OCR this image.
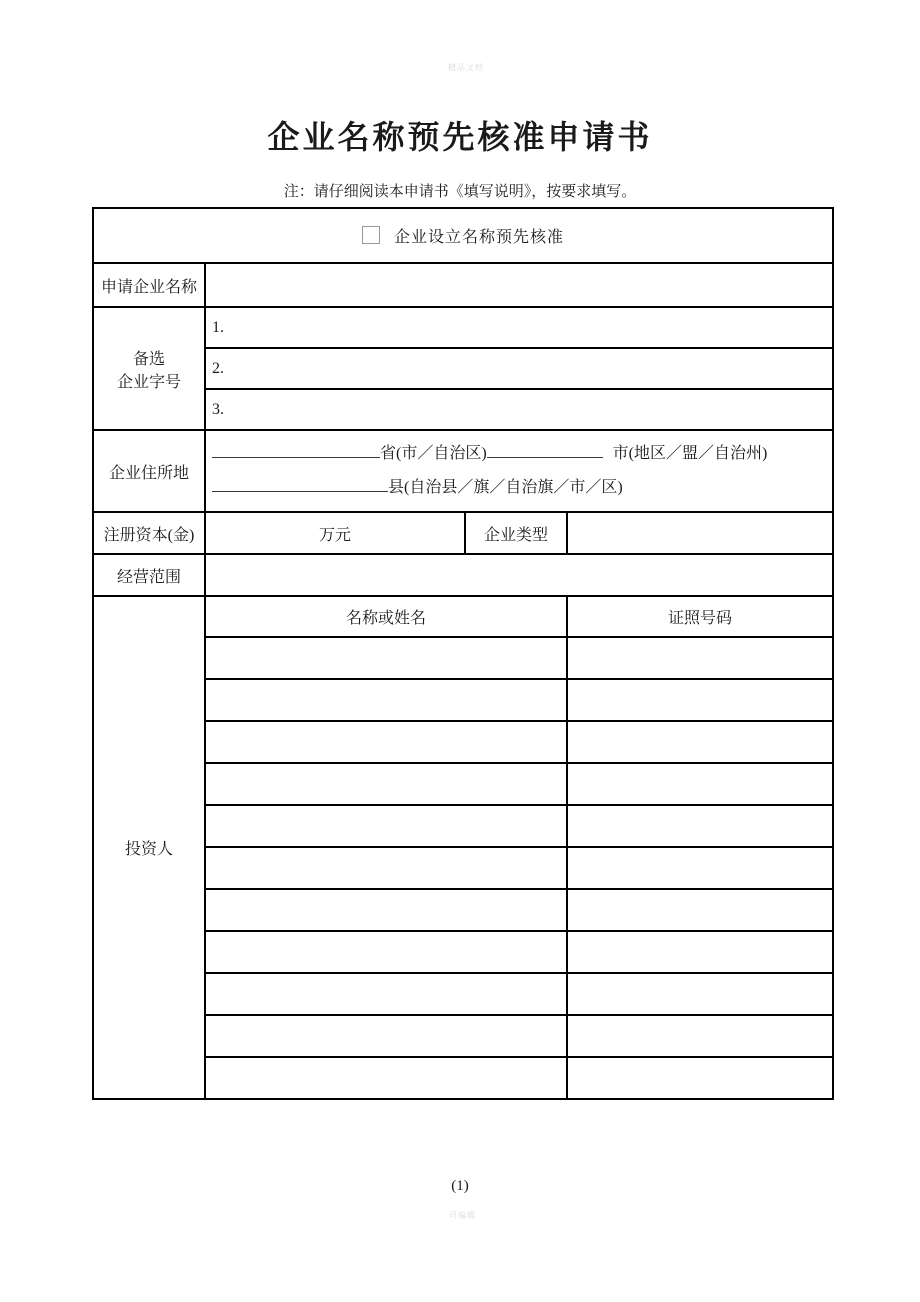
精品文档
企业名称预先核准申请书
注：请仔细阅读本申请书《填写说明》，按要求填写。
企业设立名称预先核准			
申请企业名称			

备选
企业字号	1.		
	2.		
	3.		
企业住所地	省(市／自治区) 市(地区／盟／自治州)
县(自治县／旗／自治旗／市／区)		

注册资本(金)	万元	企业类型	
经营范围			
投资人	名称或姓名		证照号码

(1)
可编辑
